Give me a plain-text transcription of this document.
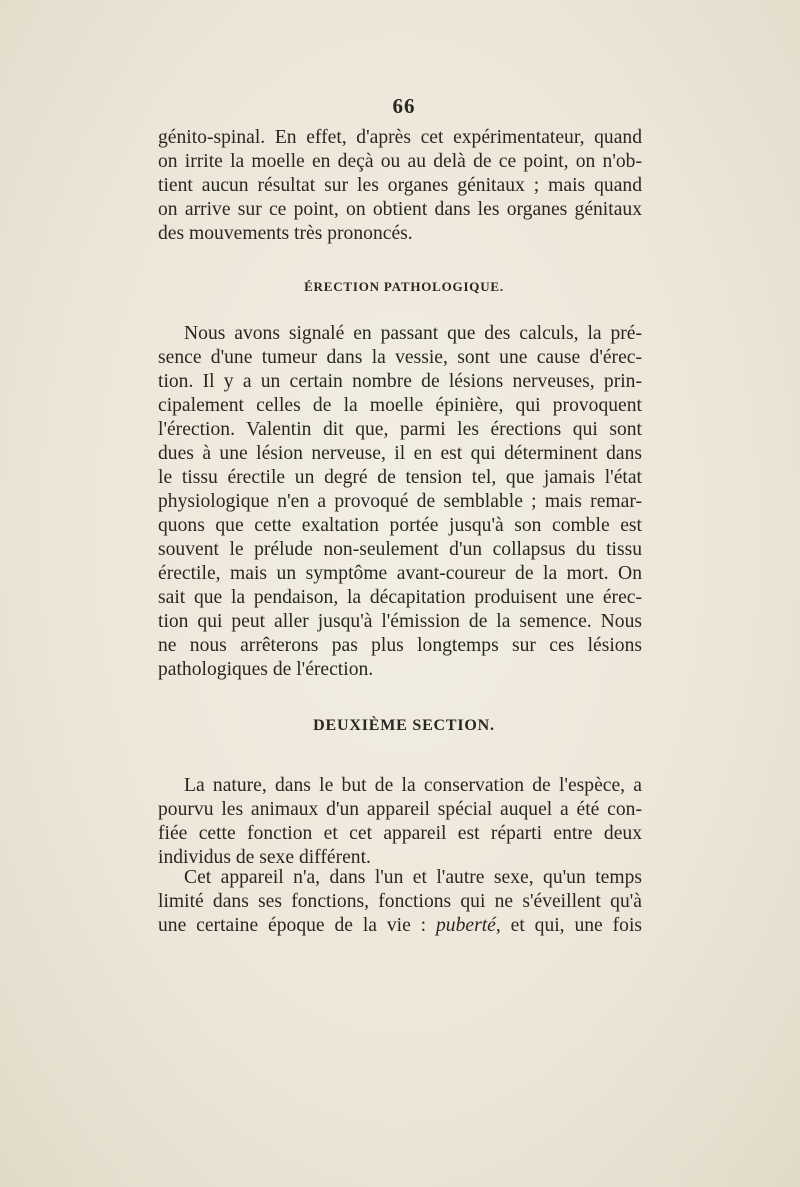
66
génito-spinal. En effet, d'après cet expérimentateur, quand
on irrite la moelle en deçà ou au delà de ce point, on n'ob-
tient aucun résultat sur les organes génitaux ; mais quand
on arrive sur ce point, on obtient dans les organes génitaux
des mouvements très prononcés.
ÉRECTION PATHOLOGIQUE.
Nous avons signalé en passant que des calculs, la pré-
sence d'une tumeur dans la vessie, sont une cause d'érec-
tion. Il y a un certain nombre de lésions nerveuses, prin-
cipalement celles de la moelle épinière, qui provoquent
l'érection. Valentin dit que, parmi les érections qui sont
dues à une lésion nerveuse, il en est qui déterminent dans
le tissu érectile un degré de tension tel, que jamais l'état
physiologique n'en a provoqué de semblable ; mais remar-
quons que cette exaltation portée jusqu'à son comble est
souvent le prélude non-seulement d'un collapsus du tissu
érectile, mais un symptôme avant-coureur de la mort. On
sait que la pendaison, la décapitation produisent une érec-
tion qui peut aller jusqu'à l'émission de la semence. Nous
ne nous arrêterons pas plus longtemps sur ces lésions
pathologiques de l'érection.
DEUXIÈME SECTION.
La nature, dans le but de la conservation de l'espèce, a
pourvu les animaux d'un appareil spécial auquel a été con-
fiée cette fonction et cet appareil est réparti entre deux
individus de sexe différent.
Cet appareil n'a, dans l'un et l'autre sexe, qu'un temps
limité dans ses fonctions, fonctions qui ne s'éveillent qu'à
une certaine époque de la vie : puberté, et qui, une fois
